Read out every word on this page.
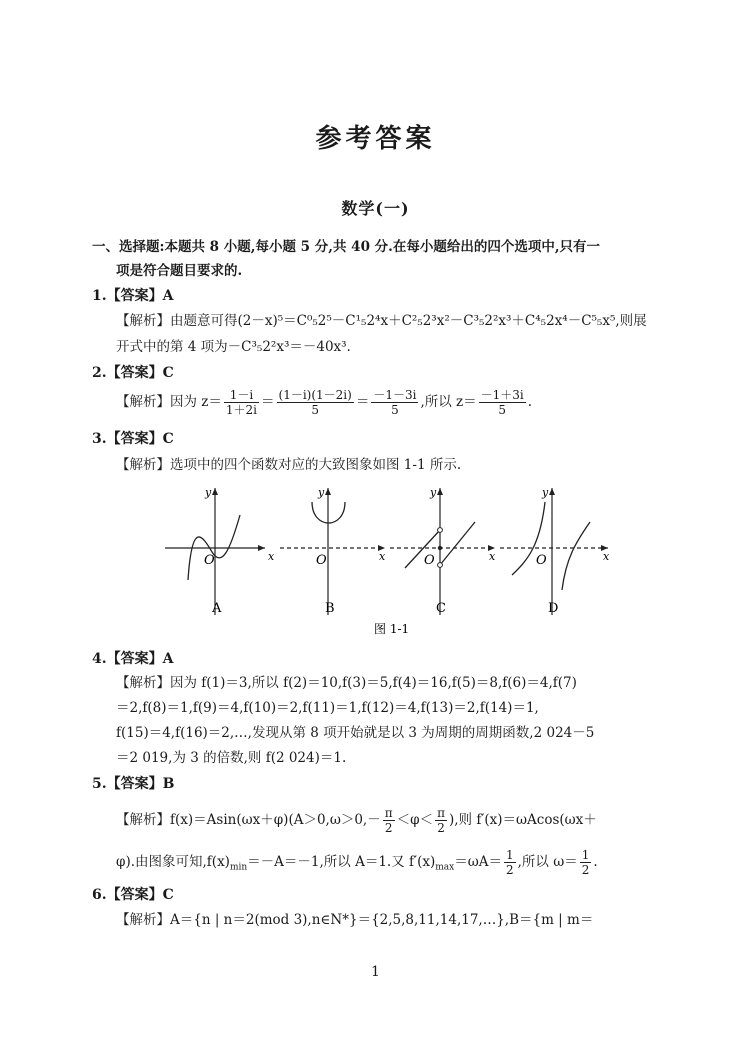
参考答案
数学(一)
一、选择题:本题共 8 小题,每小题 5 分,共 40 分.在每小题给出的四个选项中,只有一
项是符合题目要求的.
1.【答案】A
【解析】由题意可得(2－x)⁵＝C⁰₅2⁵－C¹₅2⁴x＋C²₅2³x²－C³₅2²x³＋C⁴₅2x⁴－C⁵₅x⁵,则展
开式中的第 4 项为－C³₅2²x³＝－40x³.
2.【答案】C
【解析】因为 $z= \frac{1-i}{1+2i} = \frac{(1-i)(1-2i)}{5} = \frac{-1-3i}{5}$ ,所以 $z= \frac{-1+3i}{5}$ .
3.【答案】C
【解析】选项中的四个函数对应的大致图象如图 1-1 所示.
O	x
y
A
O	x
y
B
O	x
y
C
O	x
y
D
图 1-1
4.【答案】A
【解析】因为 f(1)＝3,所以 f(2)＝10,f(3)＝5,f(4)＝16,f(5)＝8,f(6)＝4,f(7)
＝2,f(8)＝1,f(9)＝4,f(10)＝2,f(11)＝1,f(12)＝4,f(13)＝2,f(14)＝1,
f(15)＝4,f(16)＝2,…,发现从第 8 项开始就是以 3 为周期的周期函数,2 024－5
＝2 019,为 3 的倍数,则 f(2 024)＝1.
5.【答案】B
【解析】$f(x)=Asin(\omega x+\varphi)(A>0,\omega>0,- \frac{\pi}{2} <\varphi< \frac{\pi}{2}$ ),则 f′(x)＝ωAcos(ωx＋
φ).由图象可知$,f(x)_{min}=-A=-1$,所以 A＝1.又 $f'(x)_{max}=\omega A= \frac{1}{2}$ ,所以 $\omega= \frac{1}{2}$ .
6.【答案】C
【解析】A＝{n | n＝2(mod 3),n∈N*}＝{2,5,8,11,14,17,…},B＝{m | m＝
1
